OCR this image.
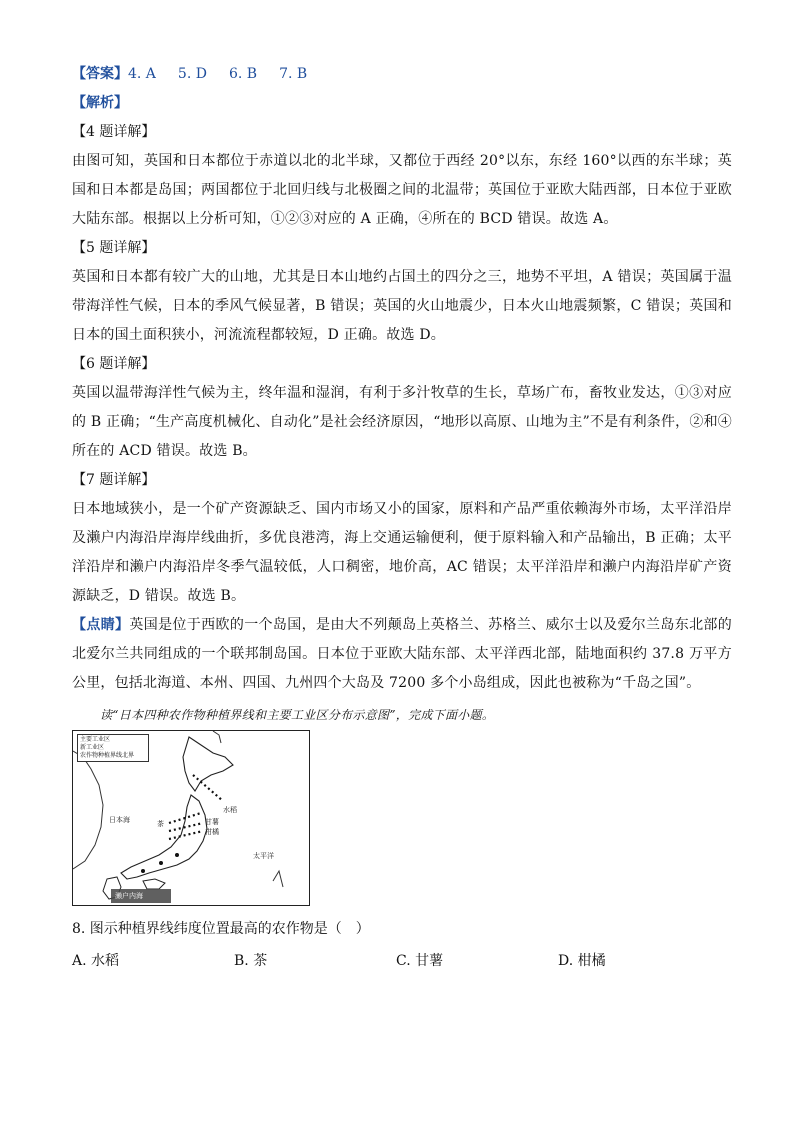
【答案】4. A 5. D 6. B 7. B
【解析】
【4 题详解】
由图可知，英国和日本都位于赤道以北的北半球，又都位于西经 20°以东，东经 160°以西的东半球；英国和日本都是岛国；两国都位于北回归线与北极圈之间的北温带；英国位于亚欧大陆西部，日本位于亚欧大陆东部。根据以上分析可知，①②③对应的 A 正确，④所在的 BCD 错误。故选 A。
【5 题详解】
英国和日本都有较广大的山地，尤其是日本山地约占国土的四分之三，地势不平坦，A 错误；英国属于温带海洋性气候，日本的季风气候显著，B 错误；英国的火山地震少，日本火山地震频繁，C 错误；英国和日本的国土面积狭小，河流流程都较短，D 正确。故选 D。
【6 题详解】
英国以温带海洋性气候为主，终年温和湿润，有利于多汁牧草的生长，草场广布，畜牧业发达，①③对应的 B 正确；“生产高度机械化、自动化”是社会经济原因，“地形以高原、山地为主”不是有利条件，②和④所在的 ACD 错误。故选 B。
【7 题详解】
日本地域狭小，是一个矿产资源缺乏、国内市场又小的国家，原料和产品严重依赖海外市场，太平洋沿岸及濑户内海沿岸海岸线曲折，多优良港湾，海上交通运输便利，便于原料输入和产品输出，B 正确；太平洋沿岸和濑户内海沿岸冬季气温较低，人口稠密，地价高，AC 错误；太平洋沿岸和濑户内海沿岸矿产资源缺乏，D 错误。故选 B。
【点睛】英国是位于西欧的一个岛国，是由大不列颠岛上英格兰、苏格兰、威尔士以及爱尔兰岛东北部的北爱尔兰共同组成的一个联邦制岛国。日本位于亚欧大陆东部、太平洋西北部，陆地面积约 37.8 万平方公里，包括北海道、本州、四国、九州四个大岛及 7200 多个小岛组成，因此也被称为“千岛之国”。
读“日本四种农作物种植界线和主要工业区分布示意图”，完成下面小题。
主要工业区
新工业区
农作物种植界线北界
水稻
甘薯
柑橘
茶
日本海
太平洋
濑户内海
8. 图示种植界线纬度位置最高的农作物是（　）
A. 水稻	B. 茶	C. 甘薯	D. 柑橘
